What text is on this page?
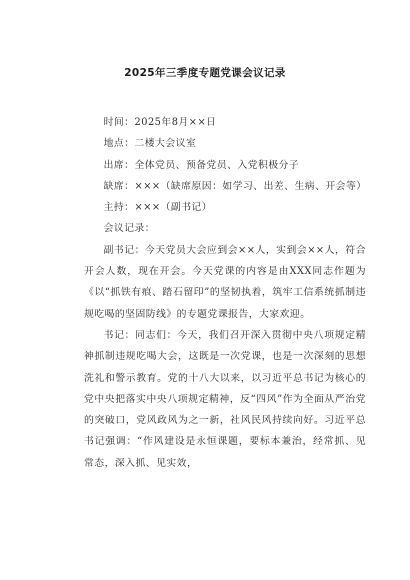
2025年三季度专题党课会议记录

时间：2025年8月××日

地点：二楼大会议室

出席：全体党员、预备党员、入党积极分子

缺席：×××（缺席原因：如学习、出差、生病、开会等）

主持：×××（副书记）

会议记录：

副书记：今天党员大会应到会××人，实到会××人，符合开会人数，现在开会。今天党课的内容是由XXX同志作题为《以“抓铁有痕、踏石留印”的坚韧执着，筑牢工信系统抓制违规吃喝的坚固防线》的专题党课报告，大家欢迎。

书记：同志们：今天，我们召开深入贯彻中央八项规定精神抓制违规吃喝大会，这既是一次党课，也是一次深刻的思想洗礼和警示教育。党的十八大以来，以习近平总书记为核心的党中央把落实中央八项规定精神，反“四风”作为全面从严治党的突破口，党风政风为之一新，社风民风持续向好。习近平总书记强调：“作风建设是永恒课题，要标本兼治，经常抓、见常态，深入抓、见实效，
